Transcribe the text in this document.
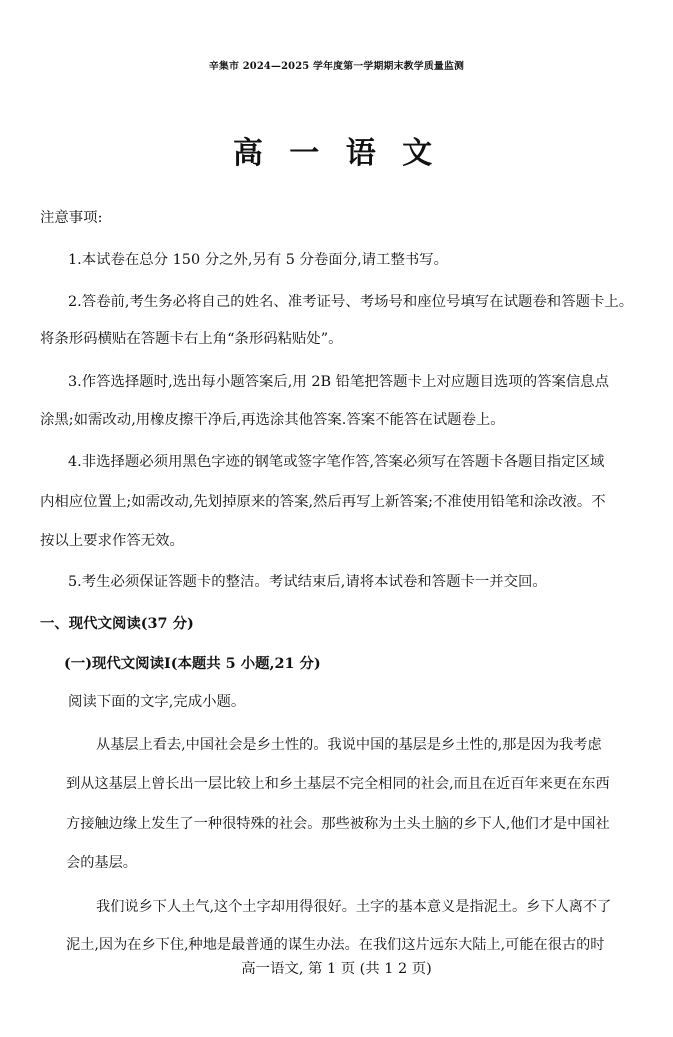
辛集市 2024—2025 学年度第一学期期末教学质量监测
高 一 语 文
注意事项:
1.本试卷在总分 150 分之外,另有 5 分卷面分,请工整书写。
2.答卷前,考生务必将自己的姓名、准考证号、考场号和座位号填写在试题卷和答题卡上。
将条形码横贴在答题卡右上角“条形码粘贴处”。
3.作答选择题时,选出每小题答案后,用 2B 铅笔把答题卡上对应题目选项的答案信息点
涂黑;如需改动,用橡皮擦干净后,再选涂其他答案.答案不能答在试题卷上。
4.非选择题必须用黑色字迹的钢笔或签字笔作答,答案必须写在答题卡各题目指定区域
内相应位置上;如需改动,先划掉原来的答案,然后再写上新答案;不准使用铅笔和涂改液。不
按以上要求作答无效。
5.考生必须保证答题卡的整洁。考试结束后,请将本试卷和答题卡一并交回。
一、现代文阅读(37 分)
(一)现代文阅读Ⅰ(本题共 5 小题,21 分)
阅读下面的文字,完成小题。
从基层上看去,中国社会是乡土性的。我说中国的基层是乡土性的,那是因为我考虑
到从这基层上曾长出一层比较上和乡土基层不完全相同的社会,而且在近百年来更在东西
方接触边缘上发生了一种很特殊的社会。那些被称为土头土脑的乡下人,他们才是中国社
会的基层。
我们说乡下人土气,这个土字却用得很好。土字的基本意义是指泥土。乡下人离不了
泥土,因为在乡下住,种地是最普通的谋生办法。在我们这片远东大陆上,可能在很古的时
高一语文, 第 1 页 (共 1 2 页)
